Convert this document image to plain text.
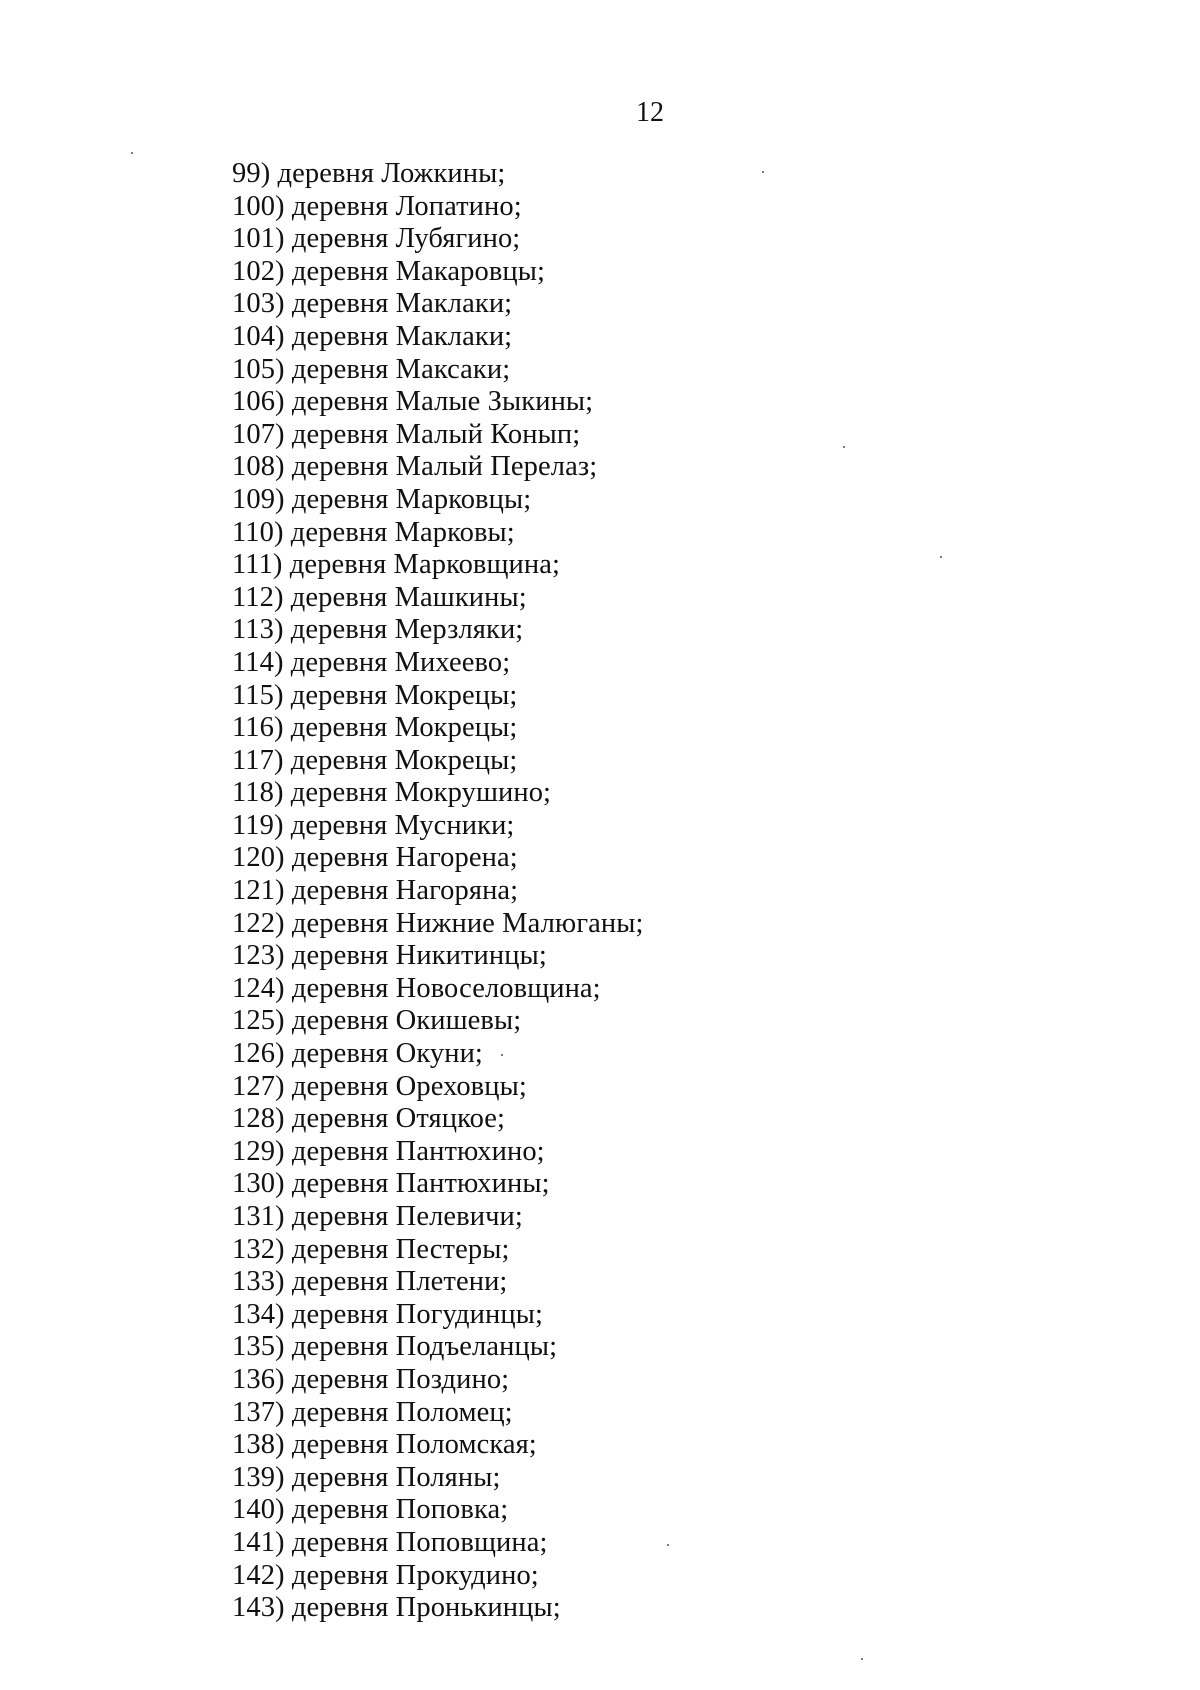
12
99) деревня Ложкины;
100) деревня Лопатино;
101) деревня Лубягино;
102) деревня Макаровцы;
103) деревня Маклаки;
104) деревня Маклаки;
105) деревня Максаки;
106) деревня Малые Зыкины;
107) деревня Малый Конып;
108) деревня Малый Перелаз;
109) деревня Марковцы;
110) деревня Марковы;
111) деревня Марковщина;
112) деревня Машкины;
113) деревня Мерзляки;
114) деревня Михеево;
115) деревня Мокрецы;
116) деревня Мокрецы;
117) деревня Мокрецы;
118) деревня Мокрушино;
119) деревня Мусники;
120) деревня Нагорена;
121) деревня Нагоряна;
122) деревня Нижние Малюганы;
123) деревня Никитинцы;
124) деревня Новоселовщина;
125) деревня Окишевы;
126) деревня Окуни;
127) деревня Ореховцы;
128) деревня Отяцкое;
129) деревня Пантюхино;
130) деревня Пантюхины;
131) деревня Пелевичи;
132) деревня Пестеры;
133) деревня Плетени;
134) деревня Погудинцы;
135) деревня Подъеланцы;
136) деревня Поздино;
137) деревня Поломец;
138) деревня Поломская;
139) деревня Поляны;
140) деревня Поповка;
141) деревня Поповщина;
142) деревня Прокудино;
143) деревня Пронькинцы;
